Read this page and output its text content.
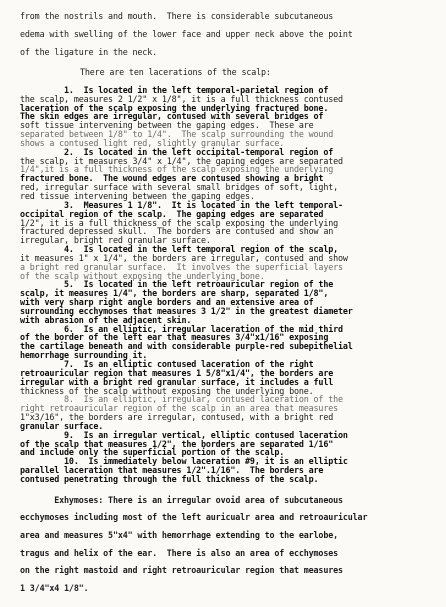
from the nostrils and mouth.  There is considerable subcutaneous
edema with swelling of the lower face and upper neck above the point
of the ligature in the neck.
There are ten lacerations of the scalp:
1.  Is located in the left temporal-parietal region of
the scalp, measures 2 1/2" x 1/8", it is a full thickness contused
laceration of the scalp exposing the underlying fractured bone.
The skin edges are irregular, contused with several bridges of
soft tissue intervening between the gaping edges.  These are
separated between 1/8" to 1/4".  The scalp surrounding the wound
shows a contused light red, slightly granular surface.
2.  Is located in the left occipital-temporal region of
the scalp, it measures 3/4" x 1/4", the gaping edges are separated
1/4",it is a full thickness of the scalp exposing the underlying
fractured bone.  The wound edges are contused showing a bright
red, irregular surface with several small bridges of soft, light,
red tissue intervening between the gaping edges.
3.  Measures 1 1/8".  It is located in the left temporal-
occipital region of the scalp.  The gaping edges are separated
1/2", it is a full thickness of the scalp exposing the underlying
fractured depressed skull.  The borders are contused and show an
irregular, bright red granular surface.
4.  Is located in the left temporal region of the scalp,
it measures 1" x 1/4", the borders are irregular, contused and show
a bright red granular surface.  It involves the superficial layers
of the scalp without exposing the underlying bone.
5.  Is located in the left retroauricular region of the
scalp, it measures 1/4", the borders are sharp, separated 1/8",
with very sharp right angle borders and an extensive area of
surrounding ecchymoses that measures 3 1/2" in the greatest diameter
with abrasion of the adjacent skin.
6.  Is an elliptic, irregular laceration of the mid third
of the border of the left ear that measures 3/4"x1/16" exposing
the cartilage beneath and with considerable purple-red subepithelial
hemorrhage surrounding it.
7.  Is an elliptic contused laceration of the right
retroauricular region that measures 1 5/8"x1/4", the borders are
irregular with a bright red granular surface, it includes a full
thickness of the scalp without exposing the underlying bone.
8.  Is an elliptic, irregular, contused laceration of the
right retroauricular region of the scalp in an area that measures
1"x3/16", the borders are irregular, contused, with a bright red
granular surface.
9.  Is an irregular vertical, elliptic contused laceration
of the scalp that measures 1/2", the borders are separated 1/16"
and include only the superficial portion of the scalp.
10.  Is immediately below laceration #9, it is an elliptic
parallel laceration that measures 1/2".1/16".  The borders are
contused penetrating through the full thickness of the scalp.
Exhymoses: There is an irregular ovoid area of subcutaneous
ecchymoses including most of the left auricualr area and retroauricular
area and measures 5"x4" with hemorrhage extending to the earlobe,
tragus and helix of the ear.  There is also an area of ecchymoses
on the right mastoid and right retroauricular region that measures
1 3/4"x4 1/8".
